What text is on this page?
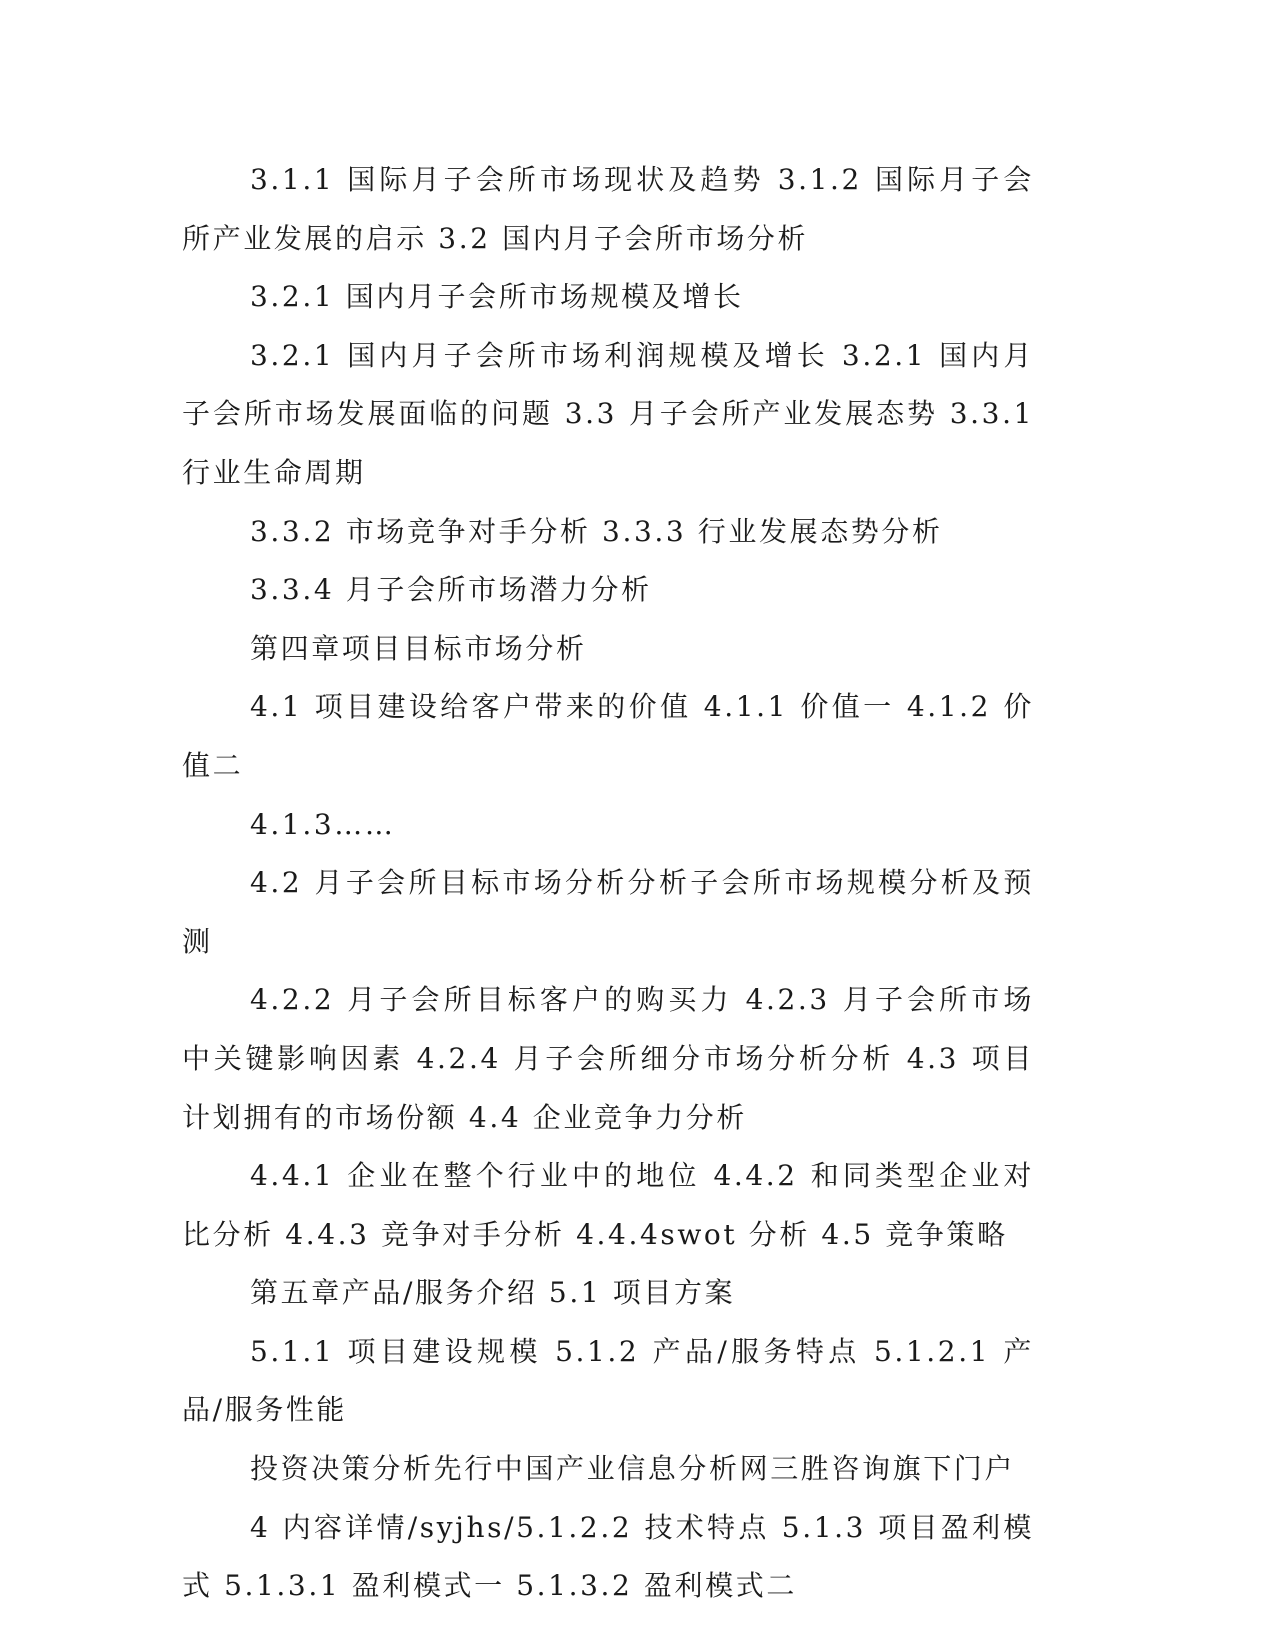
3.1.1 国际月子会所市场现状及趋势 3.1.2 国际月子会所产业发展的启示 3.2 国内月子会所市场分析

3.2.1 国内月子会所市场规模及增长

3.2.1 国内月子会所市场利润规模及增长 3.2.1 国内月子会所市场发展面临的问题 3.3 月子会所产业发展态势 3.3.1 行业生命周期

3.3.2 市场竞争对手分析 3.3.3 行业发展态势分析

3.3.4 月子会所市场潜力分析

第四章项目目标市场分析

4.1 项目建设给客户带来的价值 4.1.1 价值一 4.1.2 价值二

4.1.3……

4.2 月子会所目标市场分析分析子会所市场规模分析及预测

4.2.2 月子会所目标客户的购买力 4.2.3 月子会所市场中关键影响因素 4.2.4 月子会所细分市场分析分析 4.3 项目计划拥有的市场份额 4.4 企业竞争力分析

4.4.1 企业在整个行业中的地位 4.4.2 和同类型企业对比分析 4.4.3 竞争对手分析 4.4.4swot 分析 4.5 竞争策略

第五章产品/服务介绍 5.1 项目方案

5.1.1 项目建设规模 5.1.2 产品/服务特点 5.1.2.1 产品/服务性能

投资决策分析先行中国产业信息分析网三胜咨询旗下门户

4 内容详情/syjhs/5.1.2.2 技术特点 5.1.3 项目盈利模式 5.1.3.1 盈利模式一 5.1.3.2 盈利模式二
